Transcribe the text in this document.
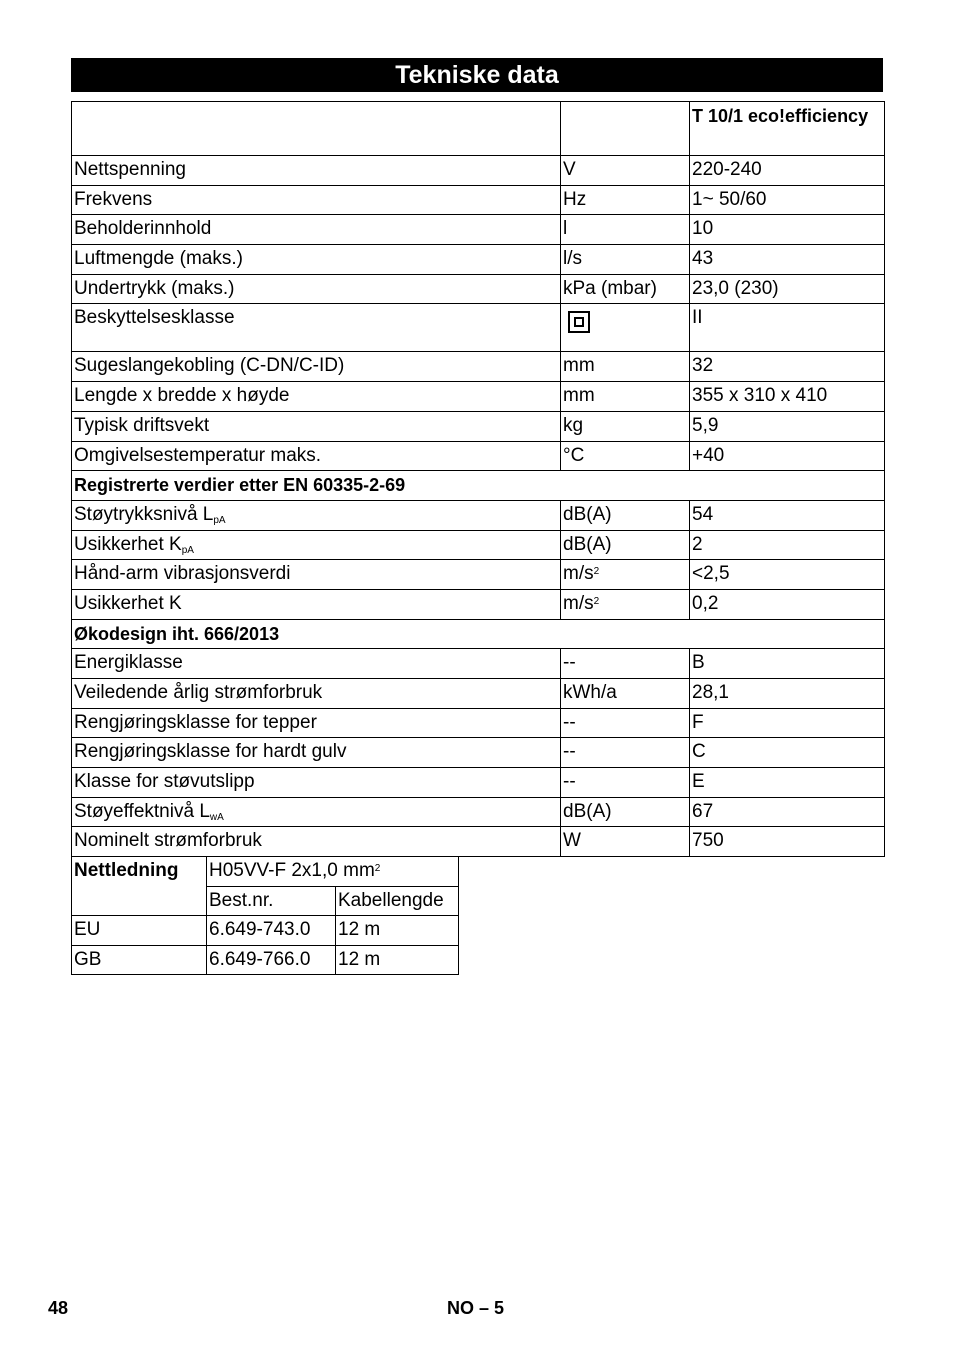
Tekniske data
		T 10/1 eco!efficiency
Nettspenning	V	220-240
Frekvens	Hz	1~ 50/60
Beholderinnhold	l	10
Luftmengde (maks.)	l/s	43
Undertrykk (maks.)	kPa (mbar)	23,0 (230)
Beskyttelsesklasse		II
Sugeslangekobling (C-DN/C-ID)	mm	32
Lengde x bredde x høyde	mm	355 x 310 x 410
Typisk driftsvekt	kg	5,9
Omgivelsestemperatur maks.	°C	+40
Registrerte verdier etter EN 60335-2-69		
Støytrykksnivå $L_{pA}$	dB(A)	54
Usikkerhet $K_{pA}$	dB(A)	2
Hånd-arm vibrasjonsverdi	$m/s^2$	<2,5
Usikkerhet K	$m/s^2$	0,2
Økodesign iht. 666/2013		
Energiklasse	--	B
Veiledende årlig strømforbruk	kWh/a	28,1
Rengjøringsklasse for tepper	--	F
Rengjøringsklasse for hardt gulv	--	C
Klasse for støvutslipp	--	E
Støyeffektnivå $L_{wA}$	dB(A)	67
Nominelt strømforbruk	W	750
Nettledning	H05VV-F 2x1,0 $mm^2$
	Best.nr.	Kabellengde
EU	6.649-743.0	12 m
GB	6.649-766.0	12 m
48	NO – 5
